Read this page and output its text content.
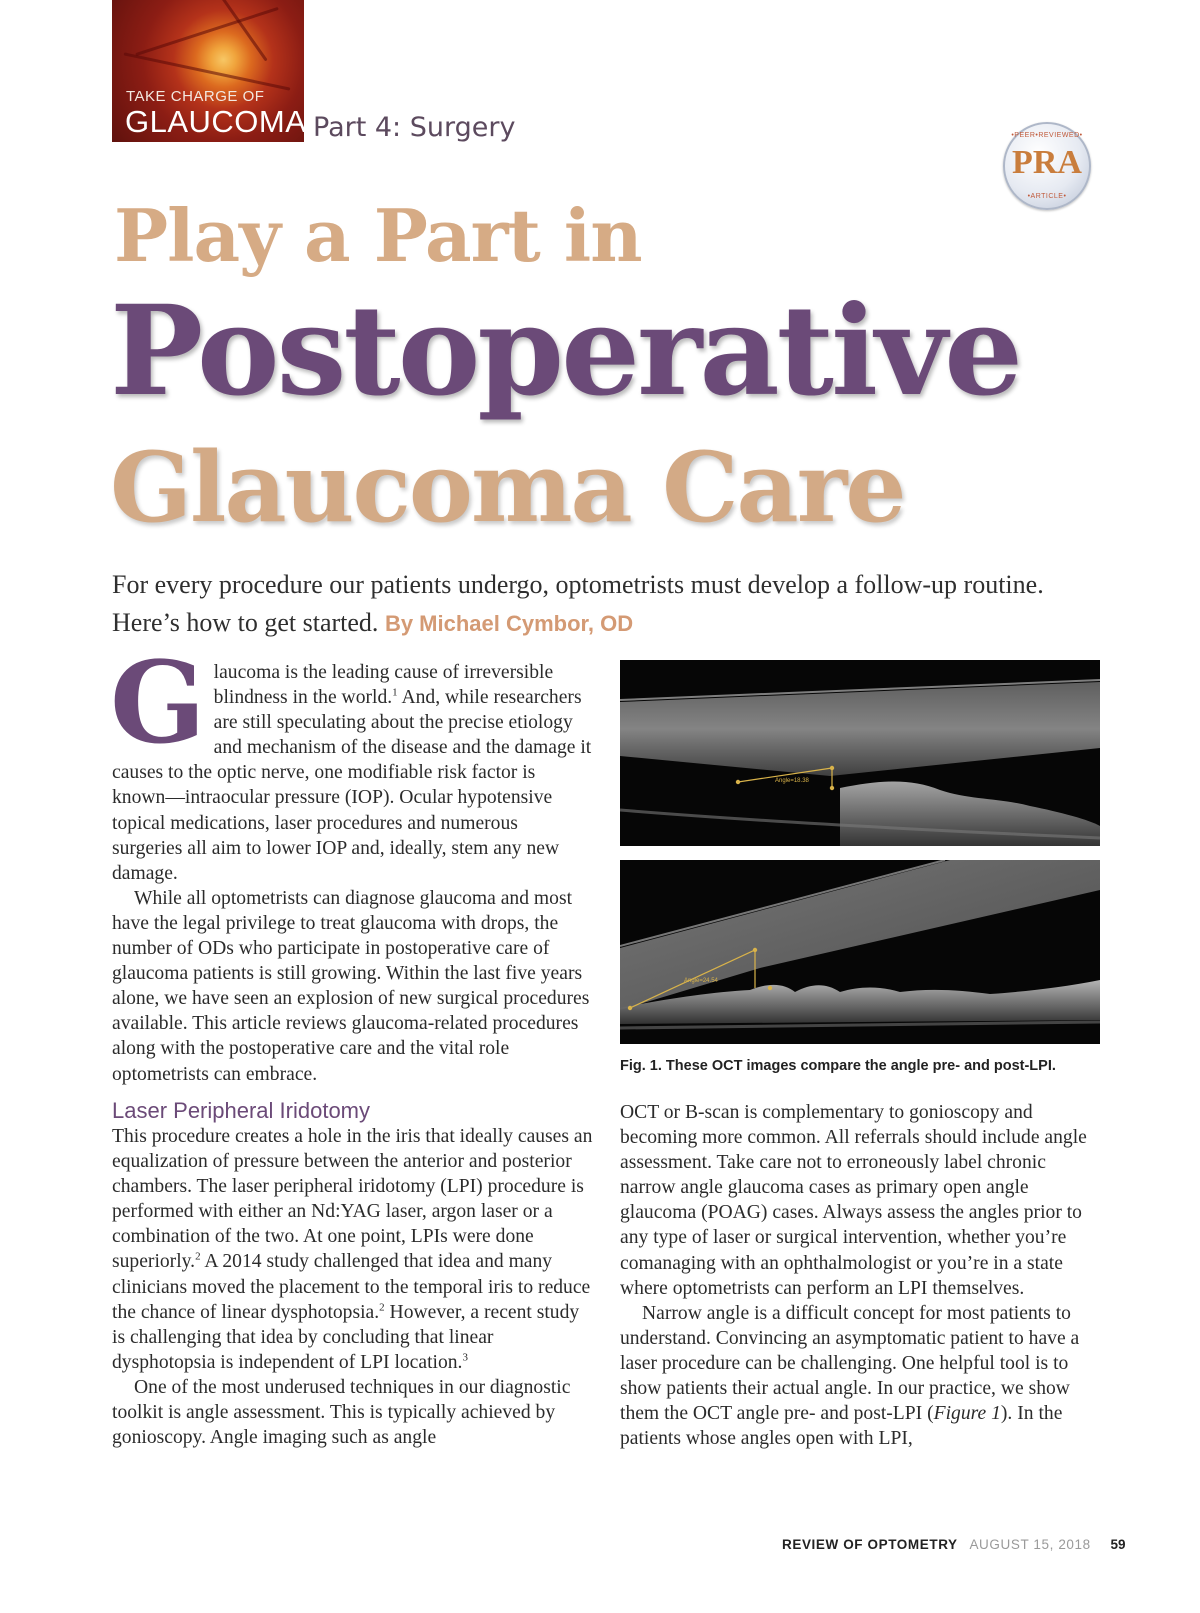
TAKE CHARGE OF
GLAUCOMA Part 4: Surgery	•PEER•REVIEWED•
PRA
•ARTICLE•
Play a Part in
Postoperative
Glaucoma Care
For every procedure our patients undergo, optometrists must develop a follow-up routine. Here’s how to get started. By Michael Cymbor, OD

Glaucoma is the leading cause of irreversible blindness in the world.$^1$ And, while researchers are still speculating about the precise etiology and mechanism of the disease and the damage it causes to the optic nerve, one modifiable risk factor is known—intraocular pressure (IOP). Ocular hypotensive topical medications, laser procedures and numerous surgeries all aim to lower IOP and, ideally, stem any new damage.

While all optometrists can diagnose glaucoma and most have the legal privilege to treat glaucoma with drops, the number of ODs who participate in postoperative care of glaucoma patients is still growing. Within the last five years alone, we have seen an explosion of new surgical procedures available. This article reviews glaucoma-related procedures along with the postoperative care and the vital role optometrists can embrace.

Laser Peripheral Iridotomy

This procedure creates a hole in the iris that ideally causes an equalization of pressure between the anterior and posterior chambers. The laser peripheral iridotomy (LPI) procedure is performed with either an Nd:YAG laser, argon laser or a combination of the two. At one point, LPIs were done superiorly.$^2$ A 2014 study challenged that idea and many clinicians moved the placement to the temporal iris to reduce the chance of linear dysphotopsia.$^2$ However, a recent study is challenging that idea by concluding that linear dysphotopsia is independent of LPI location.$^3$

One of the most underused techniques in our diagnostic toolkit is angle assessment. This is typically achieved by gonioscopy. Angle imaging such as angle

Angle=18.38
Angle=24.54
Fig. 1. These OCT images compare the angle pre- and post-LPI.

OCT or B-scan is complementary to gonioscopy and becoming more common. All referrals should include angle assessment. Take care not to erroneously label chronic narrow angle glaucoma cases as primary open angle glaucoma (POAG) cases. Always assess the angles prior to any type of laser or surgical intervention, whether you’re comanaging with an ophthalmologist or you’re in a state where optometrists can perform an LPI themselves.

Narrow angle is a difficult concept for most patients to understand. Convincing an asymptomatic patient to have a laser procedure can be challenging. One helpful tool is to show patients their actual angle. In our practice, we show them the OCT angle pre- and post-LPI (Figure 1). In the patients whose angles open with LPI,

REVIEW OF OPTOMETRY AUGUST 15, 2018 59
